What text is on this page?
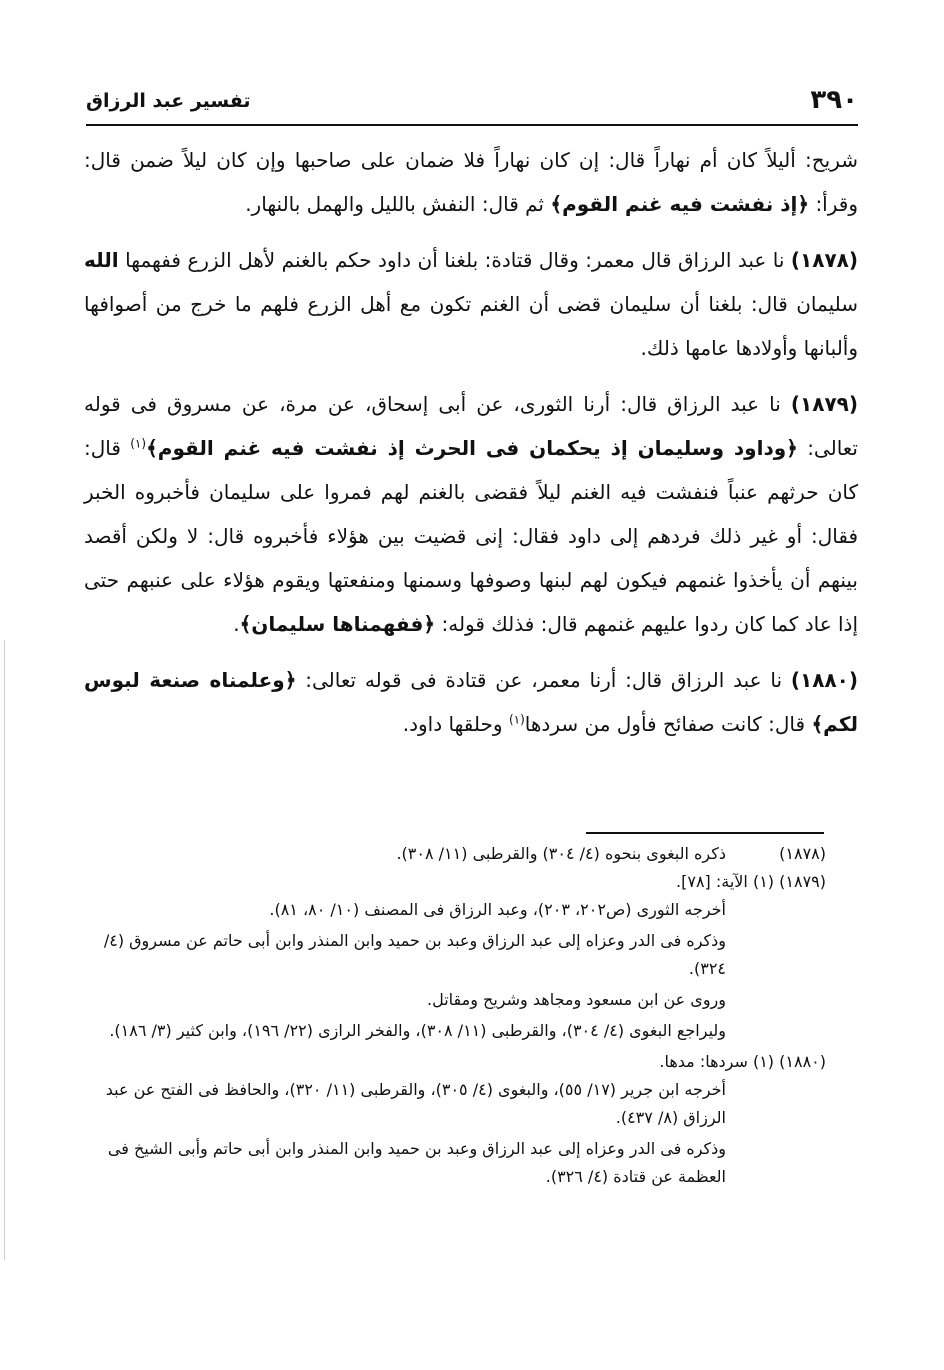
٣٩٠
تفسير عبد الرزاق

شريح: أليلاً كان أم نهاراً قال: إن كان نهاراً فلا ضمان على صاحبها وإن كان ليلاً ضمن قال: وقرأ: ﴿إذ نفشت فيه غنم القوم﴾ ثم قال: النفش بالليل والهمل بالنهار.

(١٨٧٨) نا عبد الرزاق قال معمر: وقال قتادة: بلغنا أن داود حكم بالغنم لأهل الزرع ففهمها الله سليمان قال: بلغنا أن سليمان قضى أن الغنم تكون مع أهل الزرع فلهم ما خرج من أصوافها وألبانها وأولادها عامها ذلك.

(١٨٧٩) نا عبد الرزاق قال: أرنا الثورى، عن أبى إسحاق، عن مرة، عن مسروق فى قوله تعالى: ﴿وداود وسليمان إذ يحكمان فى الحرث إذ نفشت فيه غنم القوم﴾$^{(١)}$ قال: كان حرثهم عنباً فنفشت فيه الغنم ليلاً فقضى بالغنم لهم فمروا على سليمان فأخبروه الخبر فقال: أو غير ذلك فردهم إلى داود فقال: إنى قضيت بين هؤلاء فأخبروه قال: لا ولكن أقصد بينهم أن يأخذوا غنمهم فيكون لهم لبنها وصوفها وسمنها ومنفعتها ويقوم هؤلاء على عنبهم حتى إذا عاد كما كان ردوا عليهم غنمهم قال: فذلك قوله: ﴿ففهمناها سليمان﴾.

(١٨٨٠) نا عبد الرزاق قال: أرنا معمر، عن قتادة فى قوله تعالى: ﴿وعلمناه صنعة لبوس لكم﴾ قال: كانت صفائح فأول من سردها$^{(١)}$ وحلقها داود.

(١٨٧٨)
ذكره البغوى بنحوه (٤/ ٣٠٤) والقرطبى (١١/ ٣٠٨).
(١٨٧٩) (١) الآية: [٧٨].
أخرجه الثورى (ص٢٠٢، ٢٠٣)، وعبد الرزاق فى المصنف (١٠/ ٨٠، ٨١).
وذكره فى الدر وعزاه إلى عبد الرزاق وعبد بن حميد وابن المنذر وابن أبى حاتم عن مسروق (٤/ ٣٢٤).
وروى عن ابن مسعود ومجاهد وشريح ومقاتل.
وليراجع البغوى (٤/ ٣٠٤)، والقرطبى (١١/ ٣٠٨)، والفخر الرازى (٢٢/ ١٩٦)، وابن كثير (٣/ ١٨٦).
(١٨٨٠) (١) سردها: مدها.
أخرجه ابن جرير (١٧/ ٥٥)، والبغوى (٤/ ٣٠٥)، والقرطبى (١١/ ٣٢٠)، والحافظ فى الفتح عن عبد الرزاق (٨/ ٤٣٧).
وذكره فى الدر وعزاه إلى عبد الرزاق وعبد بن حميد وابن المنذر وابن أبى حاتم وأبى الشيخ فى العظمة عن قتادة (٤/ ٣٢٦).
